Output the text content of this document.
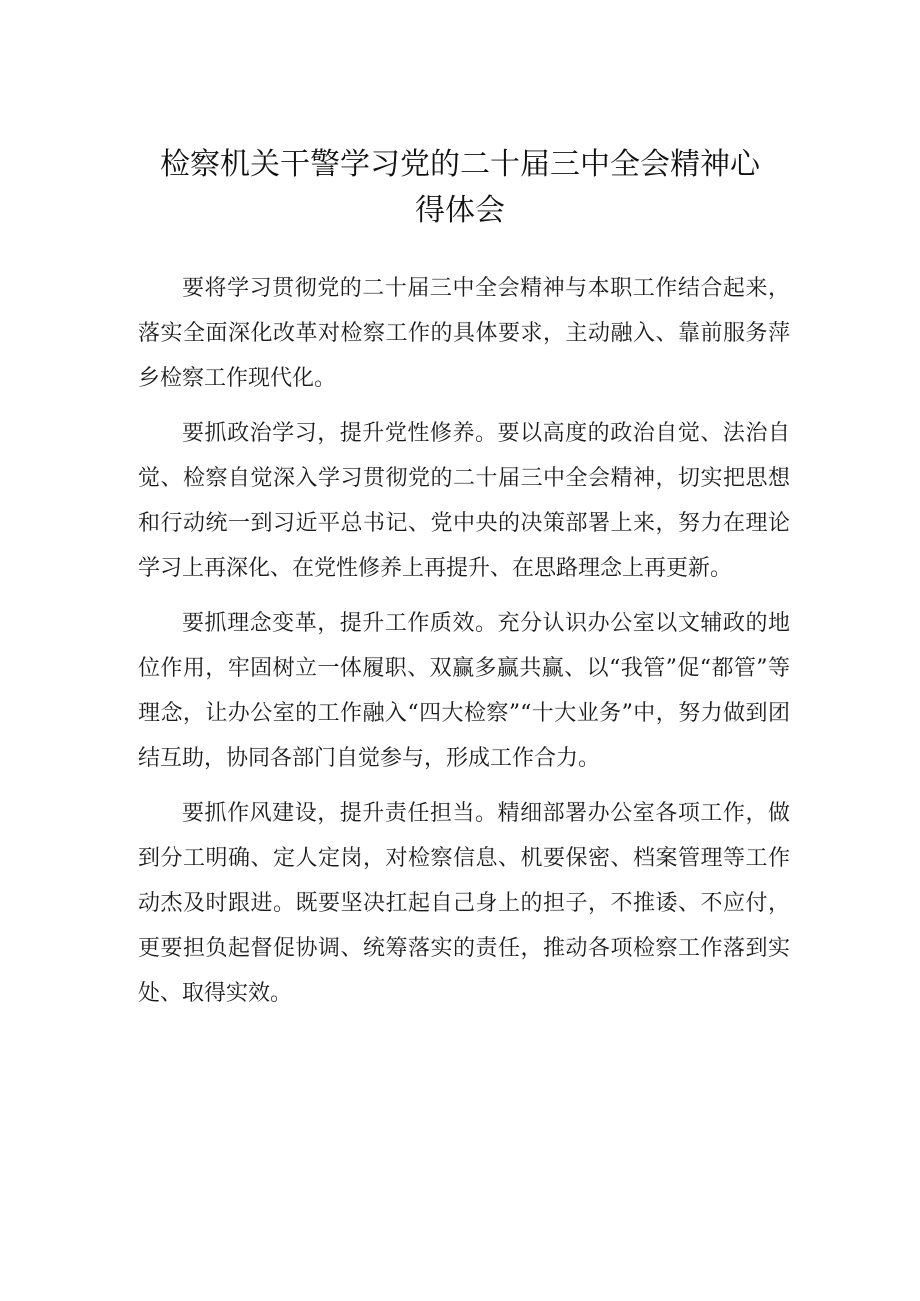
检察机关干警学习党的二十届三中全会精神心
得体会

要将学习贯彻党的二十届三中全会精神与本职工作结合起来，落实全面深化改革对检察工作的具体要求，主动融入、靠前服务萍乡检察工作现代化。

要抓政治学习，提升党性修养。要以高度的政治自觉、法治自觉、检察自觉深入学习贯彻党的二十届三中全会精神，切实把思想和行动统一到习近平总书记、党中央的决策部署上来，努力在理论学习上再深化、在党性修养上再提升、在思路理念上再更新。

要抓理念变革，提升工作质效。充分认识办公室以文辅政的地位作用，牢固树立一体履职、双赢多赢共赢、以“我管”促“都管”等理念，让办公室的工作融入“四大检察”“十大业务”中，努力做到团结互助，协同各部门自觉参与，形成工作合力。

要抓作风建设，提升责任担当。精细部署办公室各项工作，做到分工明确、定人定岗，对检察信息、机要保密、档案管理等工作动杰及时跟进。既要坚决扛起自己身上的担子，不推诿、不应付，更要担负起督促协调、统筹落实的责任，推动各项检察工作落到实处、取得实效。
